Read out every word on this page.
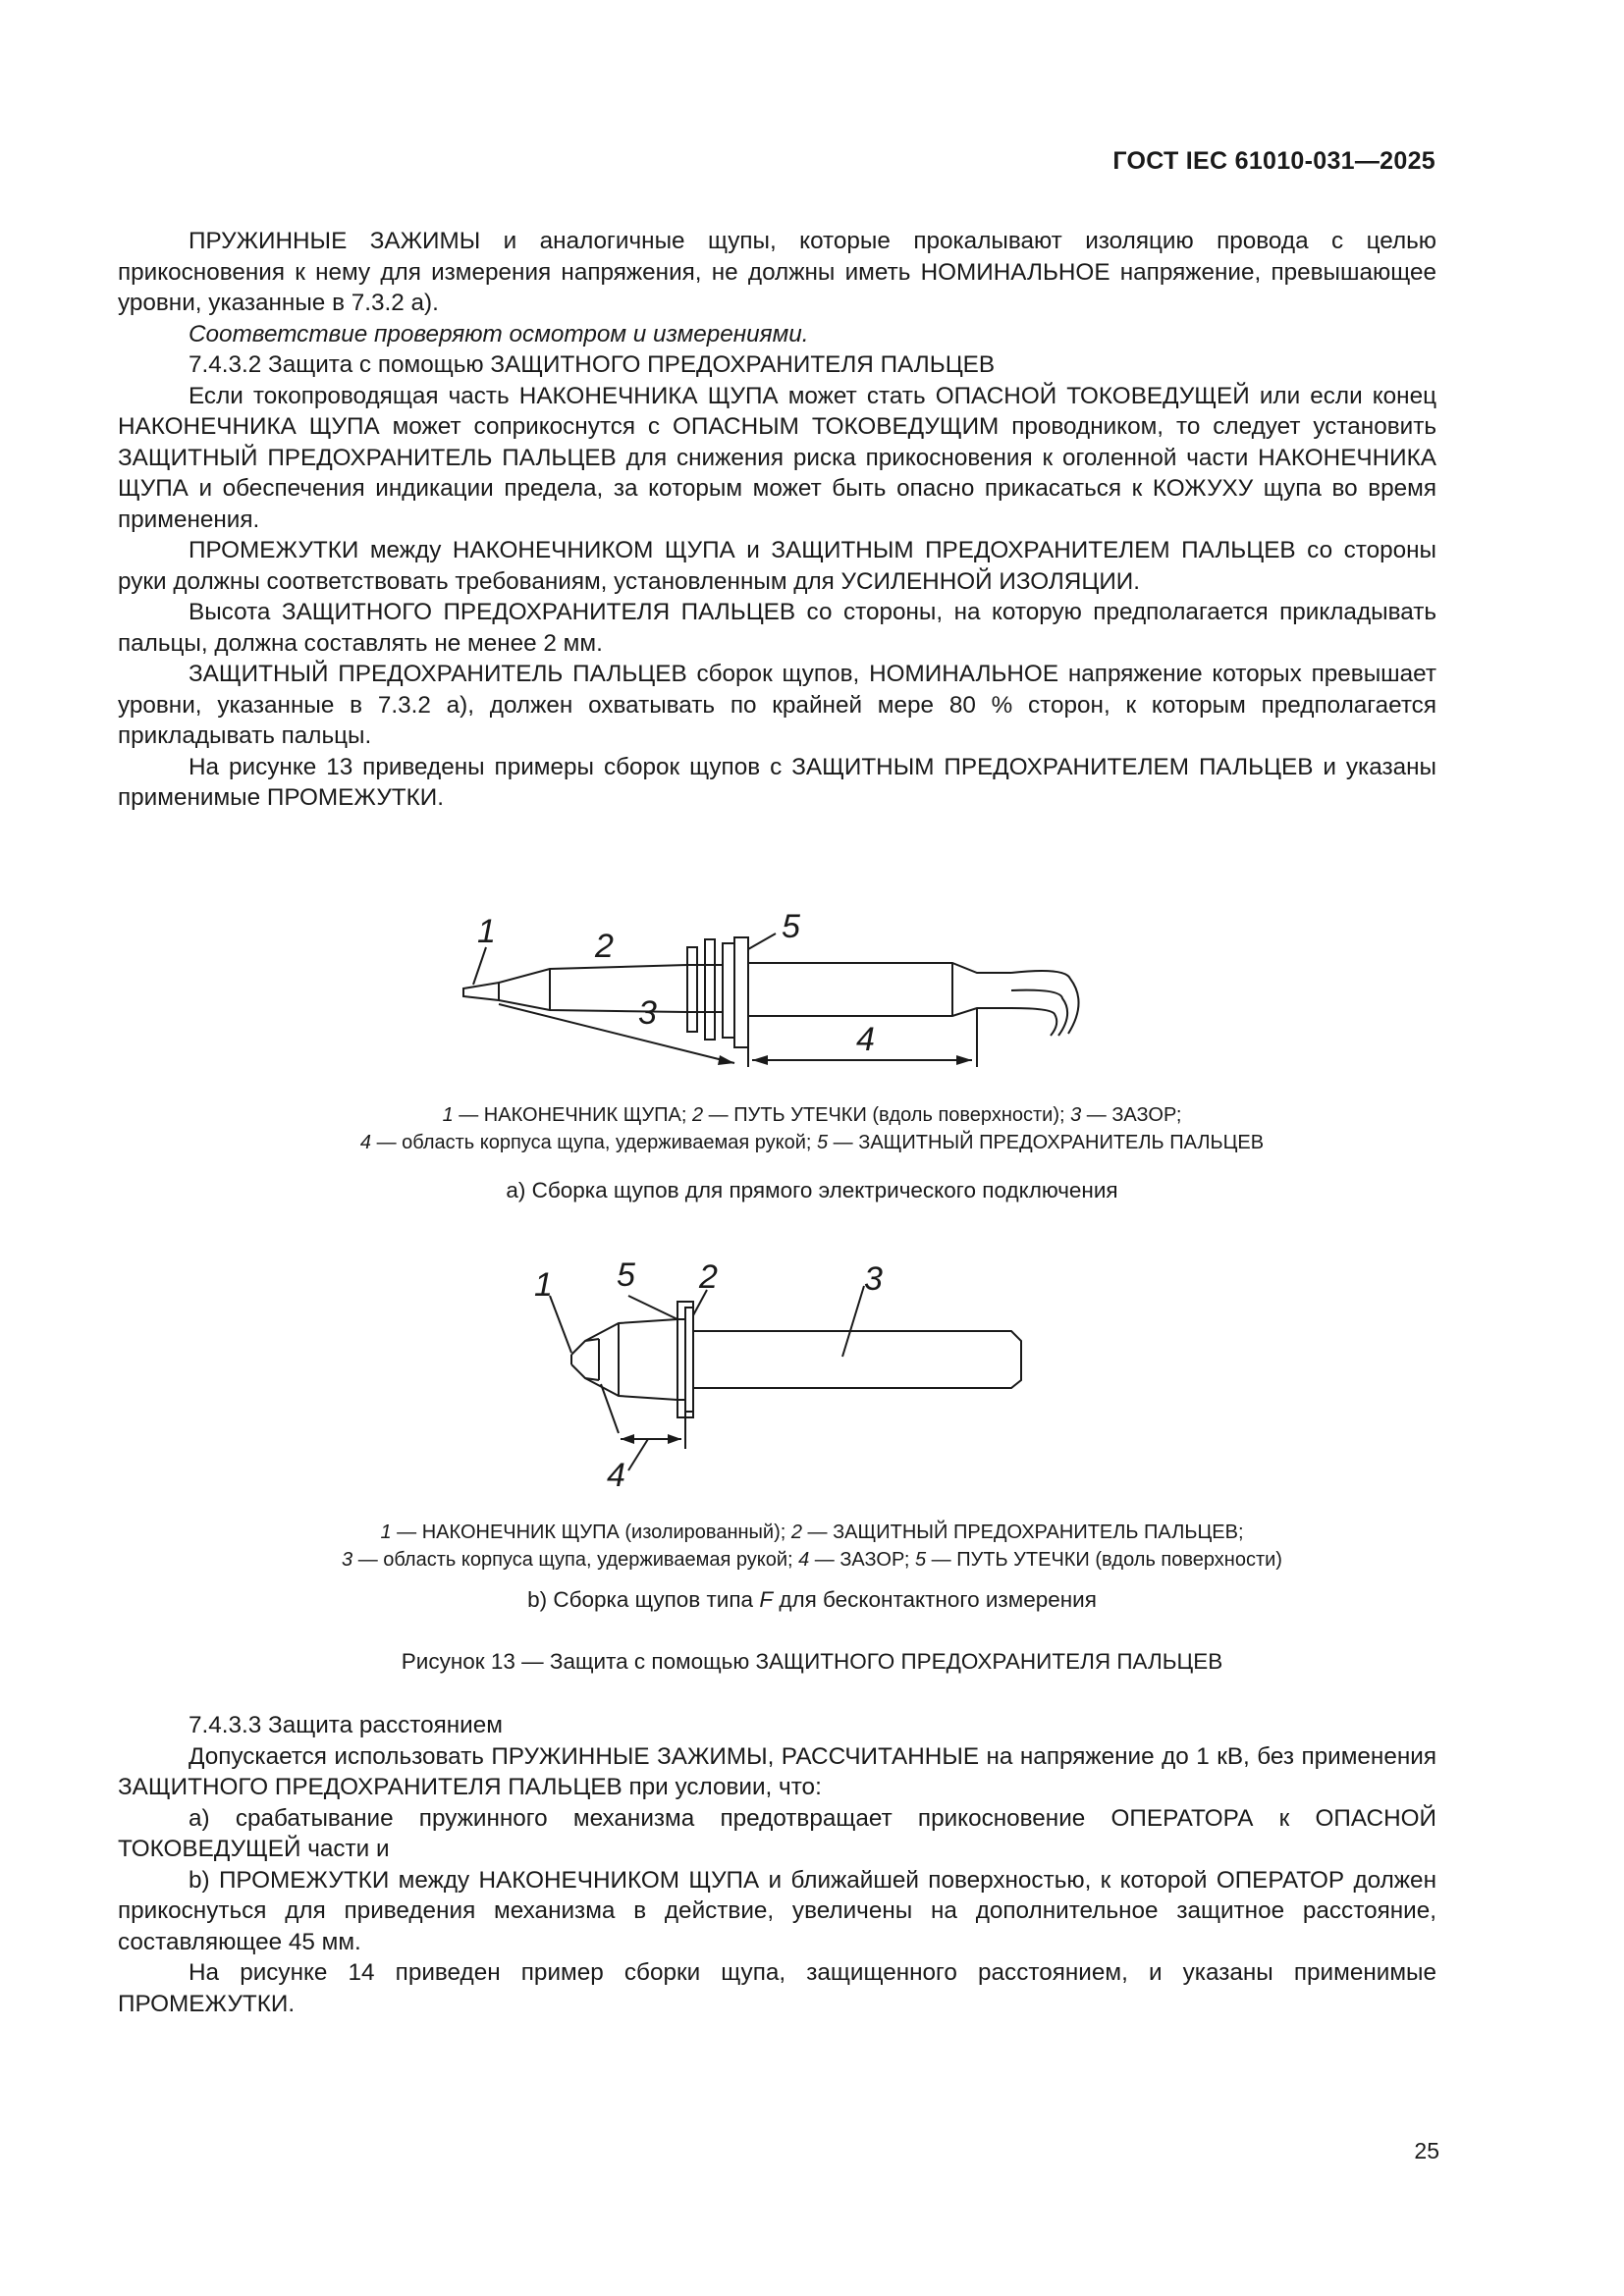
ГОСТ IEC 61010-031—2025

ПРУЖИННЫЕ ЗАЖИМЫ и аналогичные щупы, которые прокалывают изоляцию провода с целью прикосновения к нему для измерения напряжения, не должны иметь НОМИНАЛЬНОЕ напряжение, превышающее уровни, указанные в 7.3.2 а).

Соответствие проверяют осмотром и измерениями.

7.4.3.2 Защита с помощью ЗАЩИТНОГО ПРЕДОХРАНИТЕЛЯ ПАЛЬЦЕВ

Если токопроводящая часть НАКОНЕЧНИКА ЩУПА может стать ОПАСНОЙ ТОКОВЕДУЩЕЙ или если конец НАКОНЕЧНИКА ЩУПА может соприкоснутся с ОПАСНЫМ ТОКОВЕДУЩИМ проводником, то следует установить ЗАЩИТНЫЙ ПРЕДОХРАНИТЕЛЬ ПАЛЬЦЕВ для снижения риска прикосновения к оголенной части НАКОНЕЧНИКА ЩУПА и обеспечения индикации предела, за которым может быть опасно прикасаться к КОЖУХУ щупа во время применения.

ПРОМЕЖУТКИ между НАКОНЕЧНИКОМ ЩУПА и ЗАЩИТНЫМ ПРЕДОХРАНИТЕЛЕМ ПАЛЬЦЕВ со стороны руки должны соответствовать требованиям, установленным для УСИЛЕННОЙ ИЗОЛЯЦИИ.

Высота ЗАЩИТНОГО ПРЕДОХРАНИТЕЛЯ ПАЛЬЦЕВ со стороны, на которую предполагается прикладывать пальцы, должна составлять не менее 2 мм.

ЗАЩИТНЫЙ ПРЕДОХРАНИТЕЛЬ ПАЛЬЦЕВ сборок щупов, НОМИНАЛЬНОЕ напряжение которых превышает уровни, указанные в 7.3.2 а), должен охватывать по крайней мере 80 % сторон, к которым предполагается прикладывать пальцы.

На рисунке 13 приведены примеры сборок щупов с ЗАЩИТНЫМ ПРЕДОХРАНИТЕЛЕМ ПАЛЬЦЕВ и указаны применимые ПРОМЕЖУТКИ.

1	2
3
4
5
1 — НАКОНЕЧНИК ЩУПА; 2 — ПУТЬ УТЕЧКИ (вдоль поверхности); 3 — ЗАЗОР;
4 — область корпуса щупа, удерживаемая рукой; 5 — ЗАЩИТНЫЙ ПРЕДОХРАНИТЕЛЬ ПАЛЬЦЕВ
а) Сборка щупов для прямого электрического подключения
1	2	3
4
5
1 — НАКОНЕЧНИК ЩУПА (изолированный); 2 — ЗАЩИТНЫЙ ПРЕДОХРАНИТЕЛЬ ПАЛЬЦЕВ;
3 — область корпуса щупа, удерживаемая рукой; 4 — ЗАЗОР; 5 — ПУТЬ УТЕЧКИ (вдоль поверхности)
b) Сборка щупов типа F для бесконтактного измерения
Рисунок 13 — Защита с помощью ЗАЩИТНОГО ПРЕДОХРАНИТЕЛЯ ПАЛЬЦЕВ

7.4.3.3 Защита расстоянием

Допускается использовать ПРУЖИННЫЕ ЗАЖИМЫ, РАССЧИТАННЫЕ на напряжение до 1 кВ, без применения ЗАЩИТНОГО ПРЕДОХРАНИТЕЛЯ ПАЛЬЦЕВ при условии, что:

а) срабатывание пружинного механизма предотвращает прикосновение ОПЕРАТОРА к ОПАСНОЙ ТОКОВЕДУЩЕЙ части и

b) ПРОМЕЖУТКИ между НАКОНЕЧНИКОМ ЩУПА и ближайшей поверхностью, к которой ОПЕРАТОР должен прикоснуться для приведения механизма в действие, увеличены на дополнительное защитное расстояние, составляющее 45 мм.

На рисунке 14 приведен пример сборки щупа, защищенного расстоянием, и указаны применимые ПРОМЕЖУТКИ.

25
